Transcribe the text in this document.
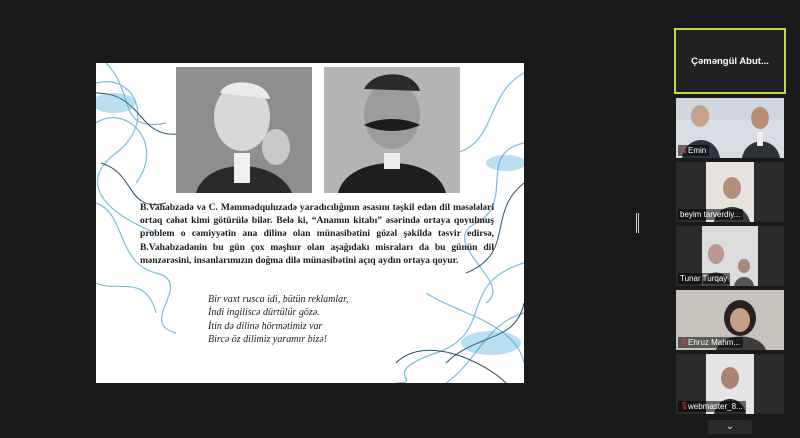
B.Vahabzadə və C. Məmmədquluzadə yaradıcılığının əsasını təşkil edən dil məsələləri ortaq cəhət kimi götürülə bilər. Belə ki, “Anamın kitabı” əsərində ortaya qoyulmuş problem o cəmiyyətin ana dilinə olan münasibətini gözəl şəkildə təsvir edirsə, B.Vahabzadənin bu gün çox məşhur olan aşağıdakı misraları da bu günün dil mənzərəsini, insanlarımızın doğma dilə münasibətini açıq aydın ortaya qoyur.
Bir vaxt rusca idi, bütün reklamlar,
İndi ingiliscə dürtülür gözə.
İtin də dilinə hörmətimiz var
Bircə öz dilimiz yaramır bizə!
Çəməngül Abut...
🎙 Emin
beyim tarverdiy...
Tunar Turqay
🎙 Ehruz Mahm...
🎙 webmaster_8...
⌄
